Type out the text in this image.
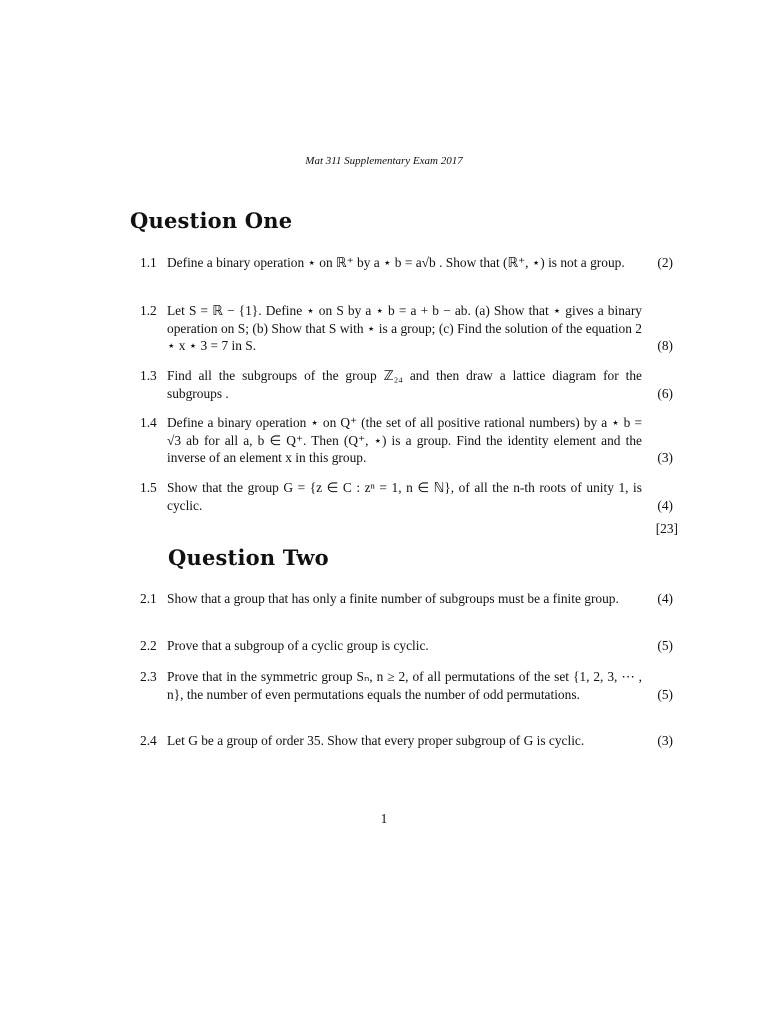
Mat 311 Supplementary Exam 2017
Question One
1.1 Define a binary operation ⋆ on ℝ⁺ by a ⋆ b = a√b . Show that (ℝ⁺, ⋆) is not a group.	(2)
1.2 Let S = ℝ − {1}. Define ⋆ on S by a ⋆ b = a + b − ab. (a) Show that ⋆ gives a binary operation on S; (b) Show that S with ⋆ is a group; (c) Find the solution of the equation 2 ⋆ x ⋆ 3 = 7 in S.	(8)
1.3 Find all the subgroups of the group ℤ₂₄ and then draw a lattice diagram for the subgroups .	(6)
1.4 Define a binary operation ⋆ on Q⁺ (the set of all positive rational numbers) by a ⋆ b = √3 ab for all a, b ∈ Q⁺. Then (Q⁺, ⋆) is a group. Find the identity element and the inverse of an element x in this group.	(3)
1.5 Show that the group G = {z ∈ C : zⁿ = 1, n ∈ ℕ}, of all the n-th roots of unity 1, is cyclic.	(4)
[23]
Question Two
2.1 Show that a group that has only a finite number of subgroups must be a finite group.	(4)
2.2 Prove that a subgroup of a cyclic group is cyclic.	(5)
2.3 Prove that in the symmetric group Sₙ, n ≥ 2, of all permutations of the set {1, 2, 3, ⋯ , n}, the number of even permutations equals the number of odd permutations.	(5)
2.4 Let G be a group of order 35. Show that every proper subgroup of G is cyclic.	(3)
1
